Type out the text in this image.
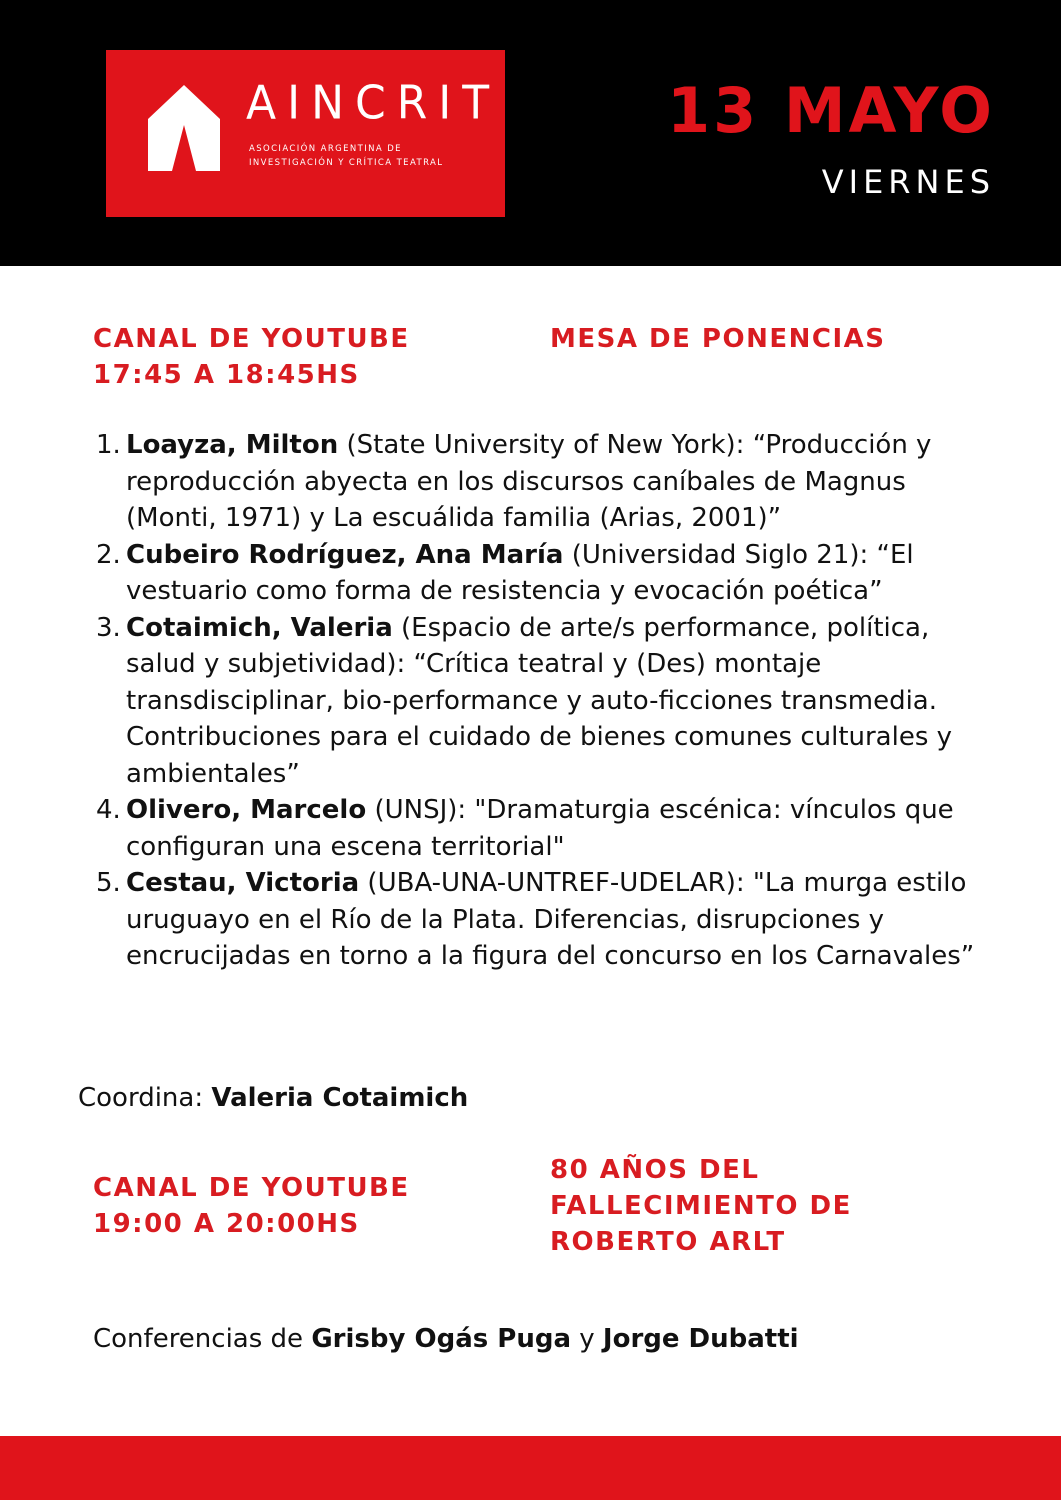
AINCRIT
ASOCIACIÓN ARGENTINA DE
INVESTIGACIÓN Y CRÍTICA TEATRAL
13 MAYO
VIERNES
CANAL DE YOUTUBE
17:45 A 18:45HS
MESA DE PONENCIAS
1. Loayza, Milton (State University of New York): “Producción y reproducción abyecta en los discursos caníbales de Magnus (Monti, 1971) y La escuálida familia (Arias, 2001)”
2. Cubeiro Rodríguez, Ana María (Universidad Siglo 21): “El vestuario como forma de resistencia y evocación poética”
3. Cotaimich, Valeria (Espacio de arte/s performance, política, salud y subjetividad): “Crítica teatral y (Des) montaje transdisciplinar, bio-performance y auto-ficciones transmedia. Contribuciones para el cuidado de bienes comunes culturales y ambientales”
4. Olivero, Marcelo (UNSJ): "Dramaturgia escénica: vínculos que configuran una escena territorial"
5. Cestau, Victoria (UBA-UNA-UNTREF-UDELAR): "La murga estilo uruguayo en el Río de la Plata. Diferencias, disrupciones y encrucijadas en torno a la figura del concurso en los Carnavales”
Coordina: Valeria Cotaimich
CANAL DE YOUTUBE
19:00 A 20:00HS
80 AÑOS DEL
FALLECIMIENTO DE
ROBERTO ARLT
Conferencias de Grisby Ogás Puga y Jorge Dubatti
